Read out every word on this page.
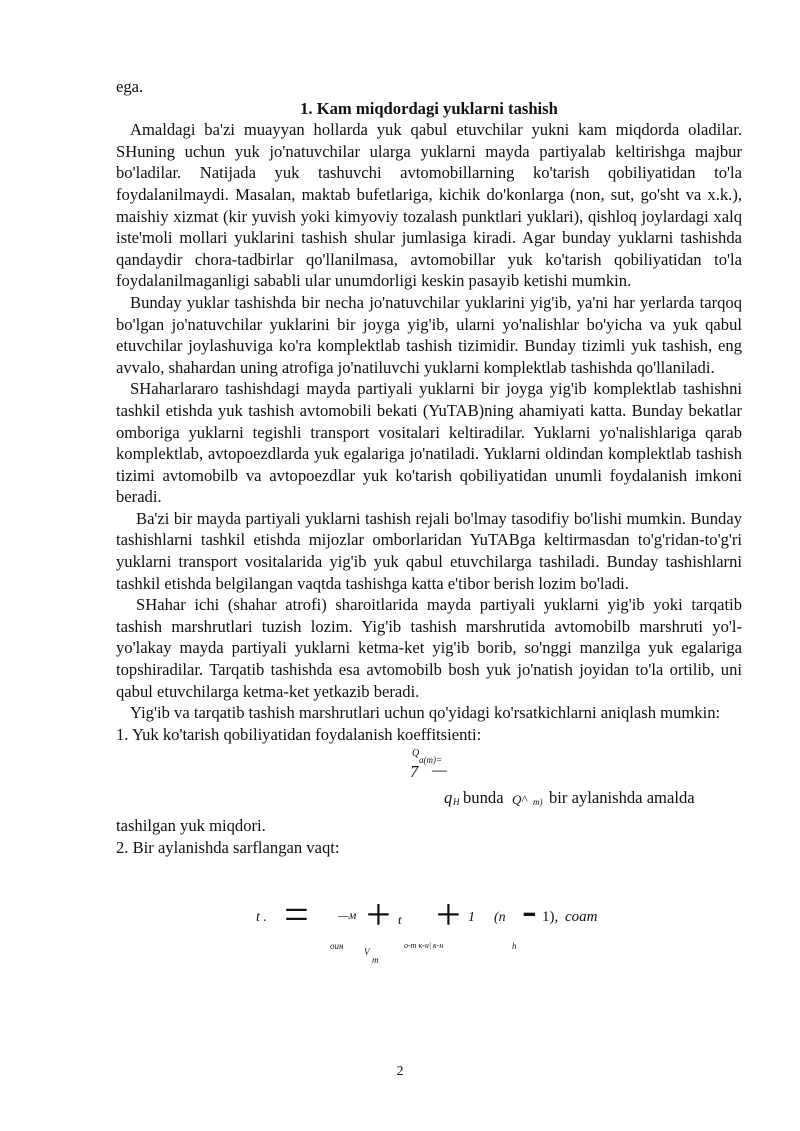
ega.

1. Kam miqdordagi yuklarni tashish

Amaldagi ba'zi muayyan hollarda yuk qabul etuvchilar yukni kam miqdorda oladilar. SHuning uchun yuk jo'natuvchilar ularga yuklarni mayda partiyalab keltirishga majbur bo'ladilar. Natijada yuk tashuvchi avtomobillarning ko'tarish qobiliyatidan to'la foydalanilmaydi. Masalan, maktab bufetlariga, kichik do'konlarga (non, sut, go'sht va x.k.), maishiy xizmat (kir yuvish yoki kimyoviy tozalash punktlari yuklari), qishloq joylardagi xalq iste'moli mollari yuklarini tashish shular jumlasiga kiradi. Agar bunday yuklarni tashishda qandaydir chora-tadbirlar qo'llanilmasa, avtomobillar yuk ko'tarish qobiliyatidan to'la foydalanilmaganligi sababli ular unumdorligi keskin pasayib ketishi mumkin.

Bunday yuklar tashishda bir necha jo'natuvchilar yuklarini yig'ib, ya'ni har yerlarda tarqoq bo'lgan jo'natuvchilar yuklarini bir joyga yig'ib, ularni yo'nalishlar bo'yicha va yuk qabul etuvchilar joylashuviga ko'ra komplektlab tashish tizimidir. Bunday tizimli yuk tashish, eng avvalo, shahardan uning atrofiga jo'natiluvchi yuklarni komplektlab tashishda qo'llaniladi.

SHaharlararo tashishdagi mayda partiyali yuklarni bir joyga yig'ib komplektlab tashishni tashkil etishda yuk tashish avtomobili bekati (YuTAB)ning ahamiyati katta. Bunday bekatlar omboriga yuklarni tegishli transport vositalari keltiradilar. Yuklarni yo'nalishlariga qarab komplektlab, avtopoezdlarda yuk egalariga jo'natiladi. Yuklarni oldindan komplektlab tashish tizimi avtomobilb va avtopoezdlar yuk ko'tarish qobiliyatidan unumli foydalanish imkoni beradi.

Ba'zi bir mayda partiyali yuklarni tashish rejali bo'lmay tasodifiy bo'lishi mumkin. Bunday tashishlarni tashkil etishda mijozlar omborlaridan YuTABga keltirmasdan to'g'ridan-to'g'ri yuklarni transport vositalarida yig'ib yuk qabul etuvchilarga tashiladi. Bunday tashishlarni tashkil etishda belgilangan vaqtda tashishga katta e'tibor berish lozim bo'ladi.

SHahar ichi (shahar atrofi) sharoitlarida mayda partiyali yuklarni yig'ib yoki tarqatib tashish marshrutlari tuzish lozim. Yig'ib tashish marshrutida avtomobilb marshruti yo'l-yo'lakay mayda partiyali yuklarni ketma-ket yig'ib borib, so'nggi manzilga yuk egalariga topshiradilar. Tarqatib tashishda esa avtomobilb bosh yuk jo'natish joyidan to'la ortilib, uni qabul etuvchilarga ketma-ket yetkazib beradi.

Yig'ib va tarqatib tashish marshrutlari uchun qo'yidagi ko'rsatkichlarni aniqlash mumkin:

1. Yuk ko'tarish qobiliyatidan foydalanish koeffitsienti:

Q
a(m)=
7 —
q H bunda Q^ m) bir aylanishda amalda

tashilgan yuk miqdori.

2. Bir aylanishda sarflangan vaqt:

t . = —м + t + 1 (n - 1), coam
ouн
V
m
o-m к-н| к-н	h
2
